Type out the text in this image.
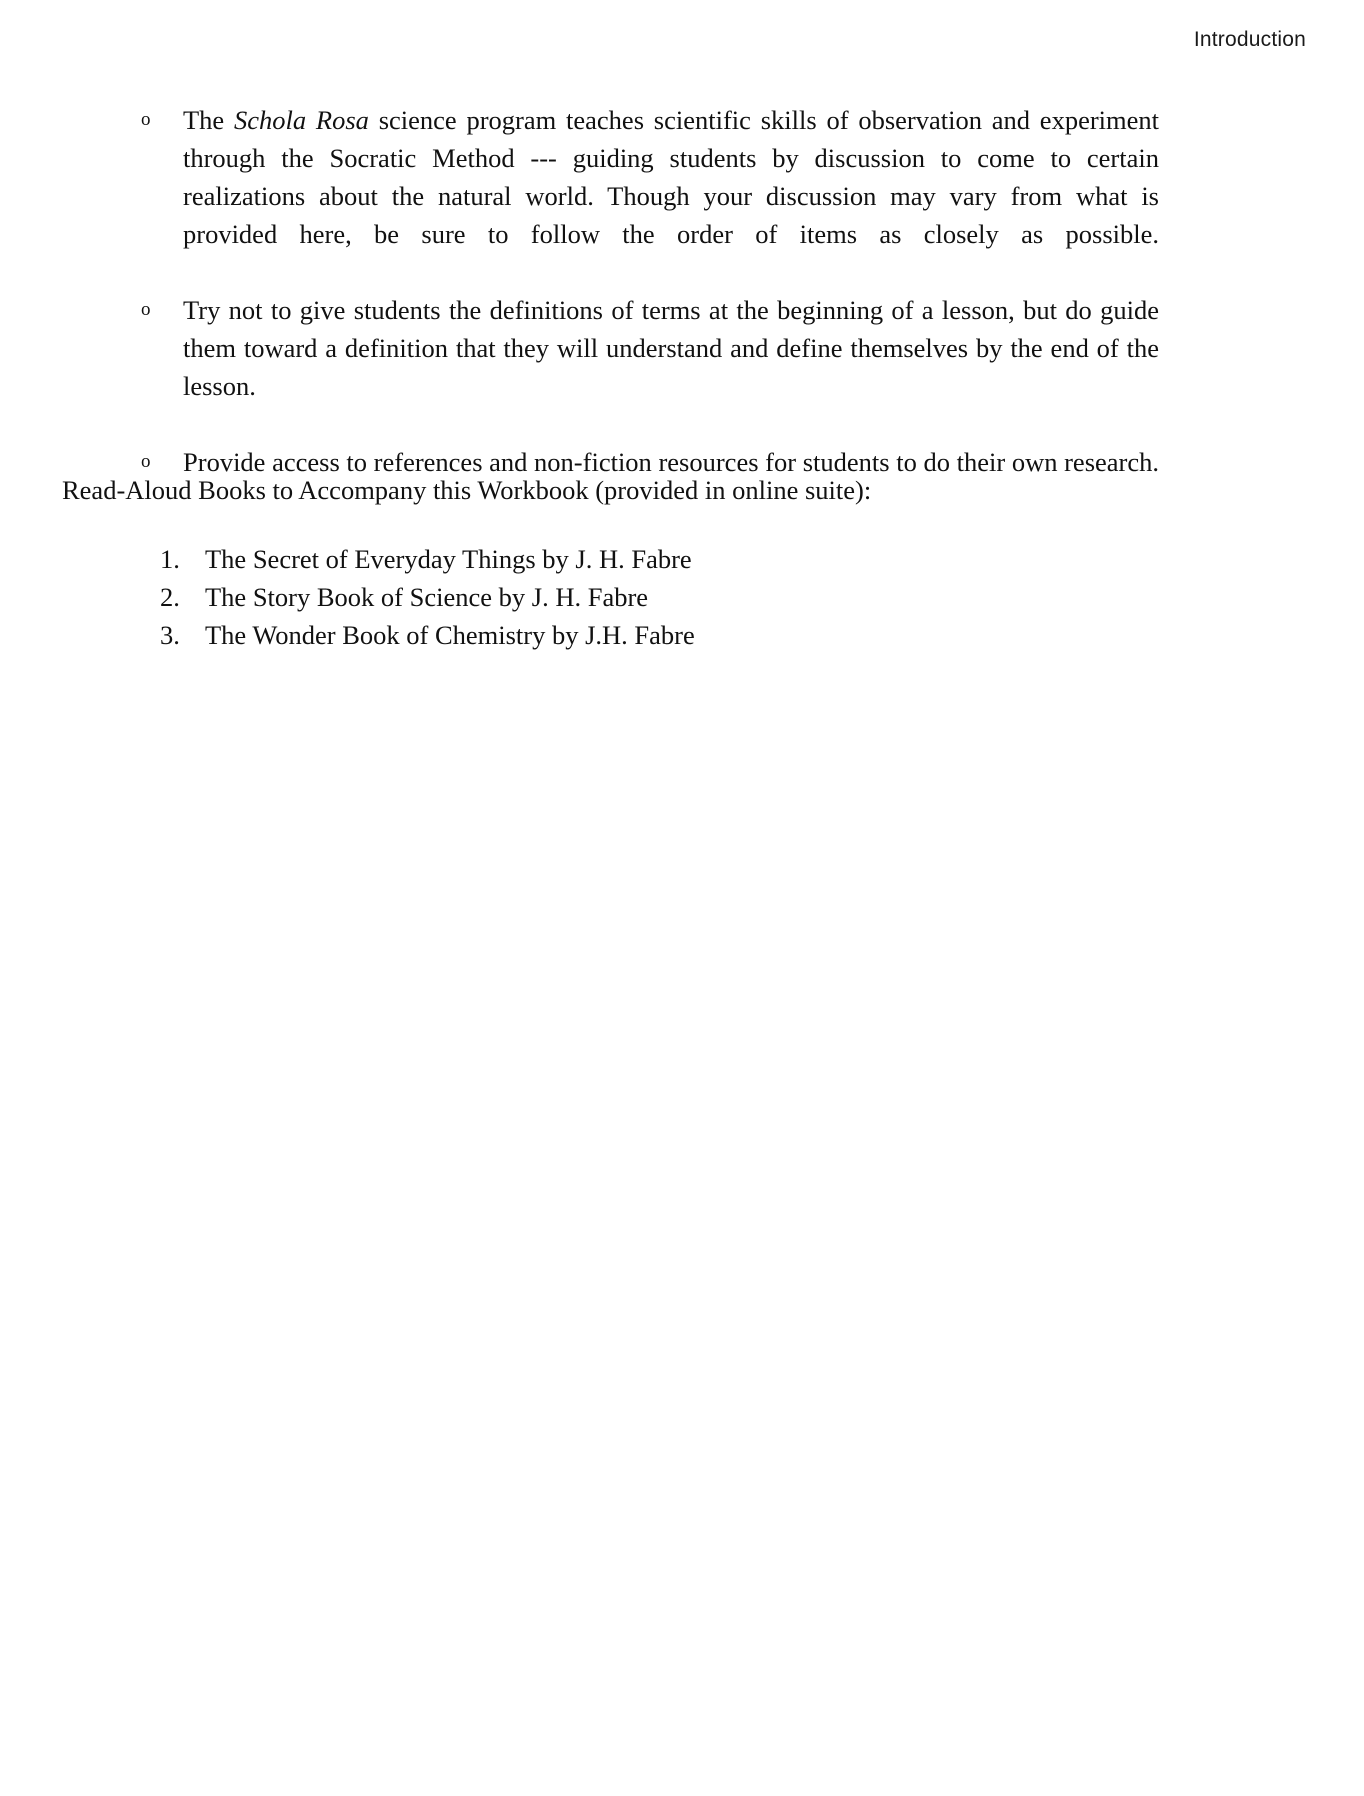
Introduction
o The Schola Rosa science program teaches scientific skills of observation and experiment through the Socratic Method --- guiding students by discussion to come to certain realizations about the natural world. Though your discussion may vary from what is provided here, be sure to follow the order of items as closely as possible.
o Try not to give students the definitions of terms at the beginning of a lesson, but do guide them toward a definition that they will understand and define themselves by the end of the lesson.
o Provide access to references and non-fiction resources for students to do their own research.
Read-Aloud Books to Accompany this Workbook (provided in online suite):
1. The Secret of Everyday Things by J. H. Fabre
2. The Story Book of Science by J. H. Fabre
3. The Wonder Book of Chemistry by J.H. Fabre
